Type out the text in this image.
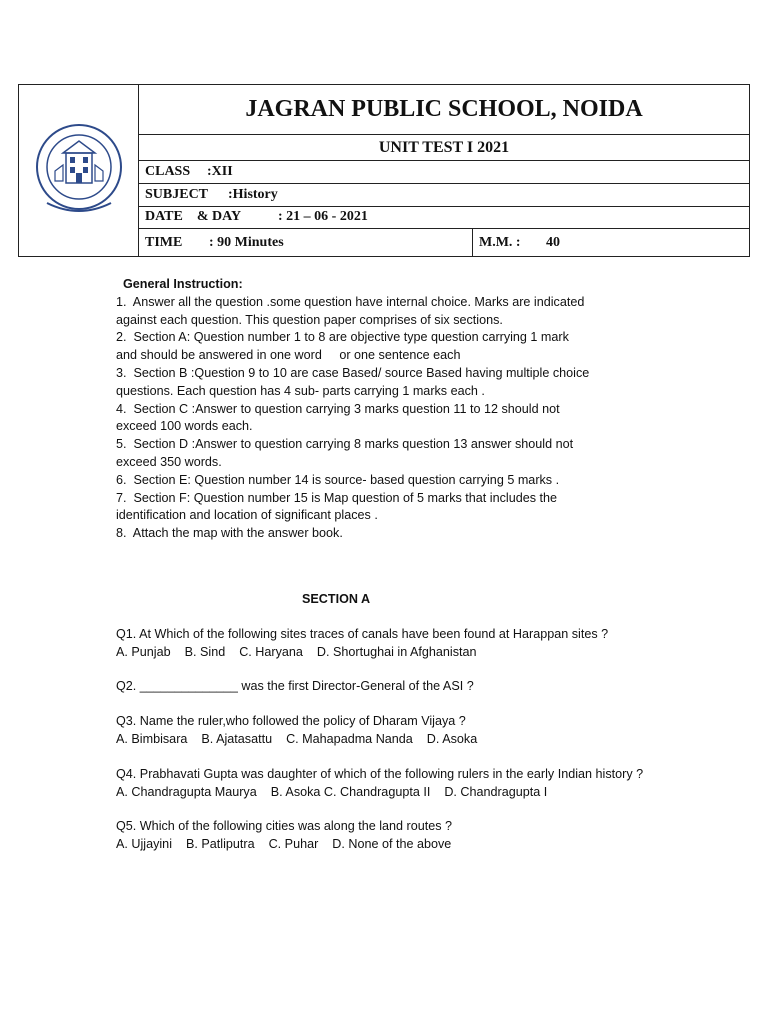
JAGRAN PUBLIC SCHOOL, NOIDA
UNIT TEST I 2021
CLASS	:XII
SUBJECT	:History
DATE    & DAY	: 21 – 06 - 2021
TIME	: 90 Minutes	M.M. :	40
General Instruction:
1.  Answer all the question .some question have internal choice. Marks are indicated
against each question. This question paper comprises of six sections.
2.  Section A: Question number 1 to 8 are objective type question carrying 1 mark
and should be answered in one word     or one sentence each
3.  Section B :Question 9 to 10 are case Based/ source Based having multiple choice
questions. Each question has 4 sub- parts carrying 1 marks each .
4.  Section C :Answer to question carrying 3 marks question 11 to 12 should not
exceed 100 words each.
5.  Section D :Answer to question carrying 8 marks question 13 answer should not
exceed 350 words.
6.  Section E: Question number 14 is source- based question carrying 5 marks .
7.  Section F: Question number 15 is Map question of 5 marks that includes the
identification and location of significant places .
8.  Attach the map with the answer book.
SECTION A
Q1. At Which of the following sites traces of canals have been found at Harappan sites ?
A. Punjab    B. Sind    C. Haryana    D. Shortughai in Afghanistan
Q2. ______________ was the first Director-General of the ASI ?
Q3. Name the ruler,who followed the policy of Dharam Vijaya ?
A. Bimbisara    B. Ajatasattu    C. Mahapadma Nanda    D. Asoka
Q4. Prabhavati Gupta was daughter of which of the following rulers in the early Indian history ?
A. Chandragupta Maurya    B. Asoka C. Chandragupta II    D. Chandragupta I
Q5. Which of the following cities was along the land routes ?
A. Ujjayini    B. Patliputra    C. Puhar    D. None of the above
